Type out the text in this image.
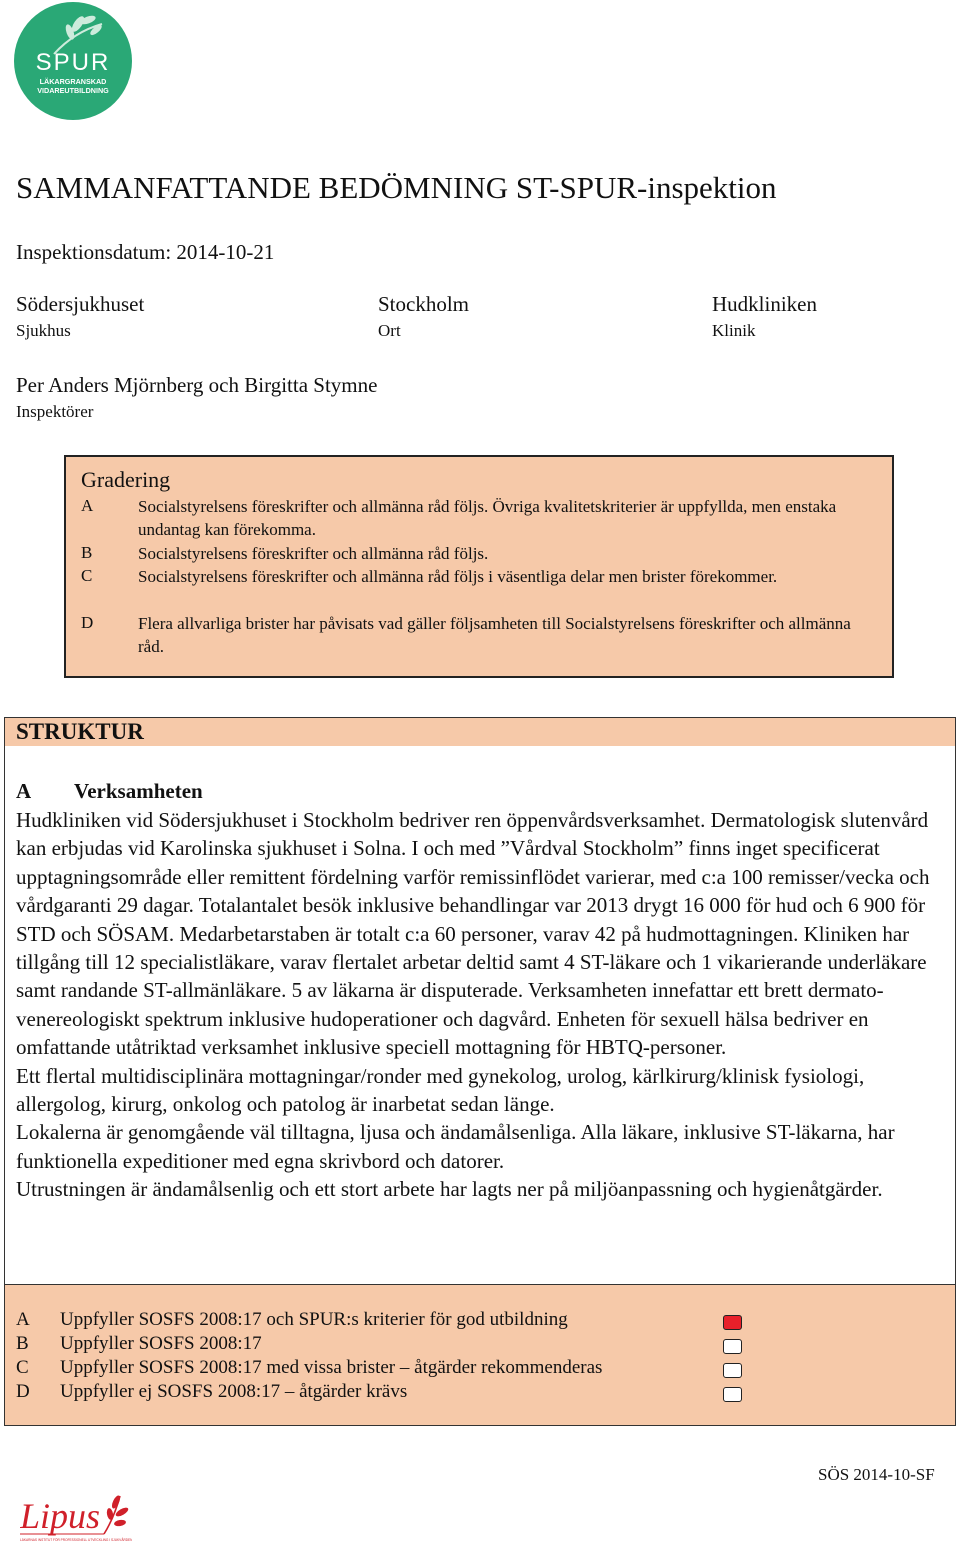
SPUR
LÄKARGRANSKAD
VIDAREUTBILDNING
SAMMANFATTANDE BEDÖMNING ST-SPUR-inspektion
Inspektionsdatum: 2014-10-21
Södersjukhuset
Sjukhus
Stockholm
Ort
Hudkliniken
Klinik
Per Anders Mjörnberg och Birgitta Stymne
Inspektörer
Gradering
A	Socialstyrelsens föreskrifter och allmänna råd följs. Övriga kvalitetskriterier är uppfyllda, men enstaka undantag kan förekomma.
B	Socialstyrelsens föreskrifter och allmänna råd följs.
C	Socialstyrelsens föreskrifter och allmänna råd följs i väsentliga delar men brister förekommer.
D	Flera allvarliga brister har påvisats vad gäller följsamheten till Socialstyrelsens föreskrifter och allmänna råd.
STRUKTUR
A Verksamheten

Hudkliniken vid Södersjukhuset i Stockholm bedriver ren öppenvårdsverksamhet. Dermatologisk slutenvård kan erbjudas vid Karolinska sjukhuset i Solna. I och med ”Vårdval Stockholm” finns inget specificerat upptagningsområde eller remittent fördelning varför remissinflödet varierar, med c:a 100 remisser/vecka och vårdgaranti 29 dagar. Totalantalet besök inklusive behandlingar var 2013 drygt 16 000 för hud och 6 900 för STD och SÖSAM. Medarbetarstaben är totalt c:a 60 personer, varav 42 på hudmottagningen. Kliniken har tillgång till 12 specialistläkare, varav flertalet arbetar deltid samt 4 ST-läkare och 1 vikarierande underläkare samt randande ST-allmänläkare. 5 av läkarna är disputerade. Verksamheten innefattar ett brett dermato-venereologiskt spektrum inklusive hudoperationer och dagvård. Enheten för sexuell hälsa bedriver en omfattande utåtriktad verksamhet inklusive speciell mottagning för HBTQ-personer.

Ett flertal multidisciplinära mottagningar/ronder med gynekolog, urolog, kärlkirurg/klinisk fysiologi, allergolog, kirurg, onkolog och patolog är inarbetat sedan länge.

Lokalerna är genomgående väl tilltagna, ljusa och ändamålsenliga. Alla läkare, inklusive ST-läkarna, har funktionella expeditioner med egna skrivbord och datorer.

Utrustningen är ändamålsenlig och ett stort arbete har lagts ner på miljöanpassning och hygienåtgärder.

A Uppfyller SOSFS 2008:17 och SPUR:s kriterier för god utbildning
B Uppfyller SOSFS 2008:17
C Uppfyller SOSFS 2008:17 med vissa brister – åtgärder rekommenderas
D Uppfyller ej SOSFS 2008:17 – åtgärder krävs
SÖS 2014-10-SF
Lipus
LÄKARNAS INSTITUT FÖR PROFESSIONELL UTVECKLING I SJUKVÅRDEN
